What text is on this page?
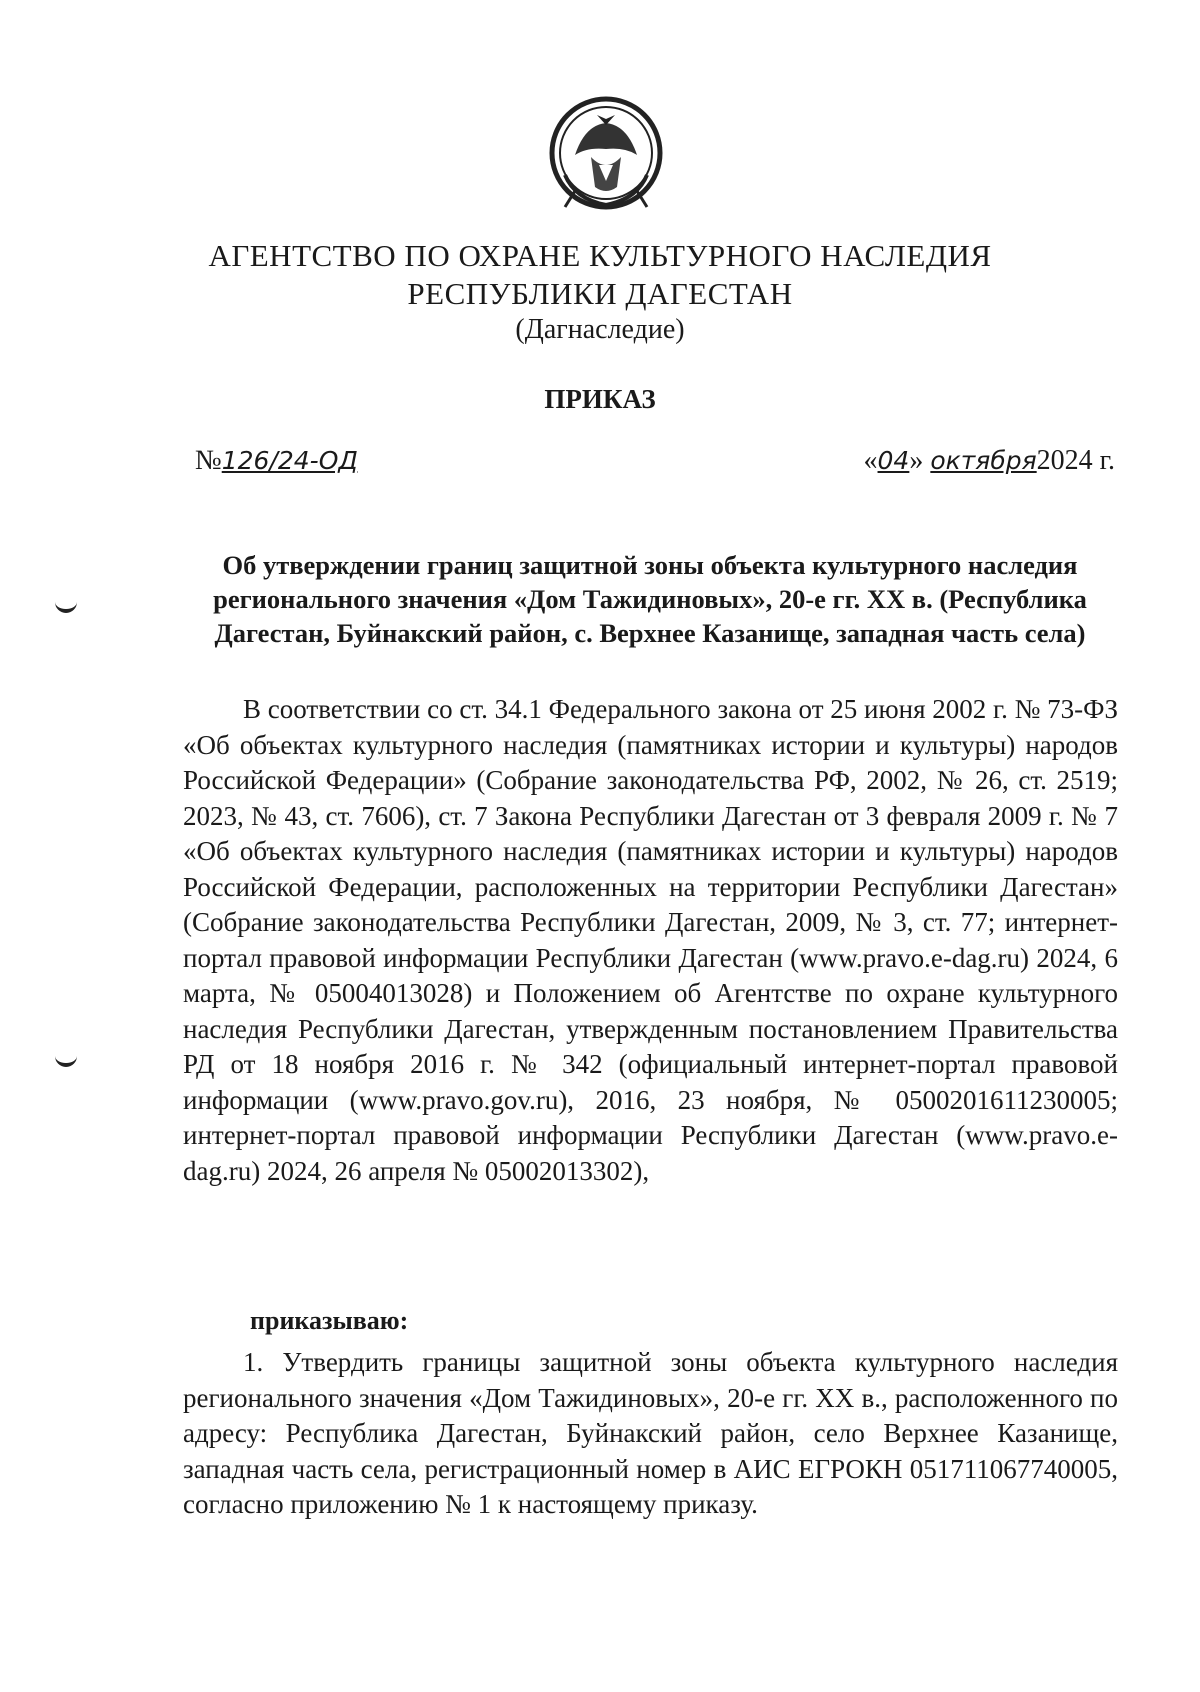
АГЕНТСТВО ПО ОХРАНЕ КУЛЬТУРНОГО НАСЛЕДИЯ
РЕСПУБЛИКИ ДАГЕСТАН
(Дагнаследие)
ПРИКАЗ
№126/24-ОД	«04» октября2024 г.
Об утверждении границ защитной зоны объекта культурного наследия регионального значения «Дом Тажидиновых», 20-е гг. XX в. (Республика Дагестан, Буйнакский район, с. Верхнее Казанище, западная часть села)

В соответствии со ст. 34.1 Федерального закона от 25 июня 2002 г. № 73-ФЗ «Об объектах культурного наследия (памятниках истории и культуры) народов Российской Федерации» (Собрание законодательства РФ, 2002, № 26, ст. 2519; 2023, № 43, ст. 7606), ст. 7 Закона Республики Дагестан от 3 февраля 2009 г. № 7 «Об объектах культурного наследия (памятниках истории и культуры) народов Российской Федерации, расположенных на территории Республики Дагестан» (Собрание законодательства Республики Дагестан, 2009, № 3, ст. 77; интернет-портал правовой информации Республики Дагестан (www.pravo.e-dag.ru) 2024, 6 марта, № 05004013028) и Положением об Агентстве по охране культурного наследия Республики Дагестан, утвержденным постановлением Правительства РД от 18 ноября 2016 г. № 342 (официальный интернет-портал правовой информации (www.pravo.gov.ru), 2016, 23 ноября, № 0500201611230005; интернет-портал правовой информации Республики Дагестан (www.pravo.e-dag.ru) 2024, 26 апреля № 05002013302),

приказываю:

1. Утвердить границы защитной зоны объекта культурного наследия регионального значения «Дом Тажидиновых», 20-е гг. XX в., расположенного по адресу: Республика Дагестан, Буйнакский район, село Верхнее Казанище, западная часть села, регистрационный номер в АИС ЕГРОКН 051711067740005, согласно приложению № 1 к настоящему приказу.
